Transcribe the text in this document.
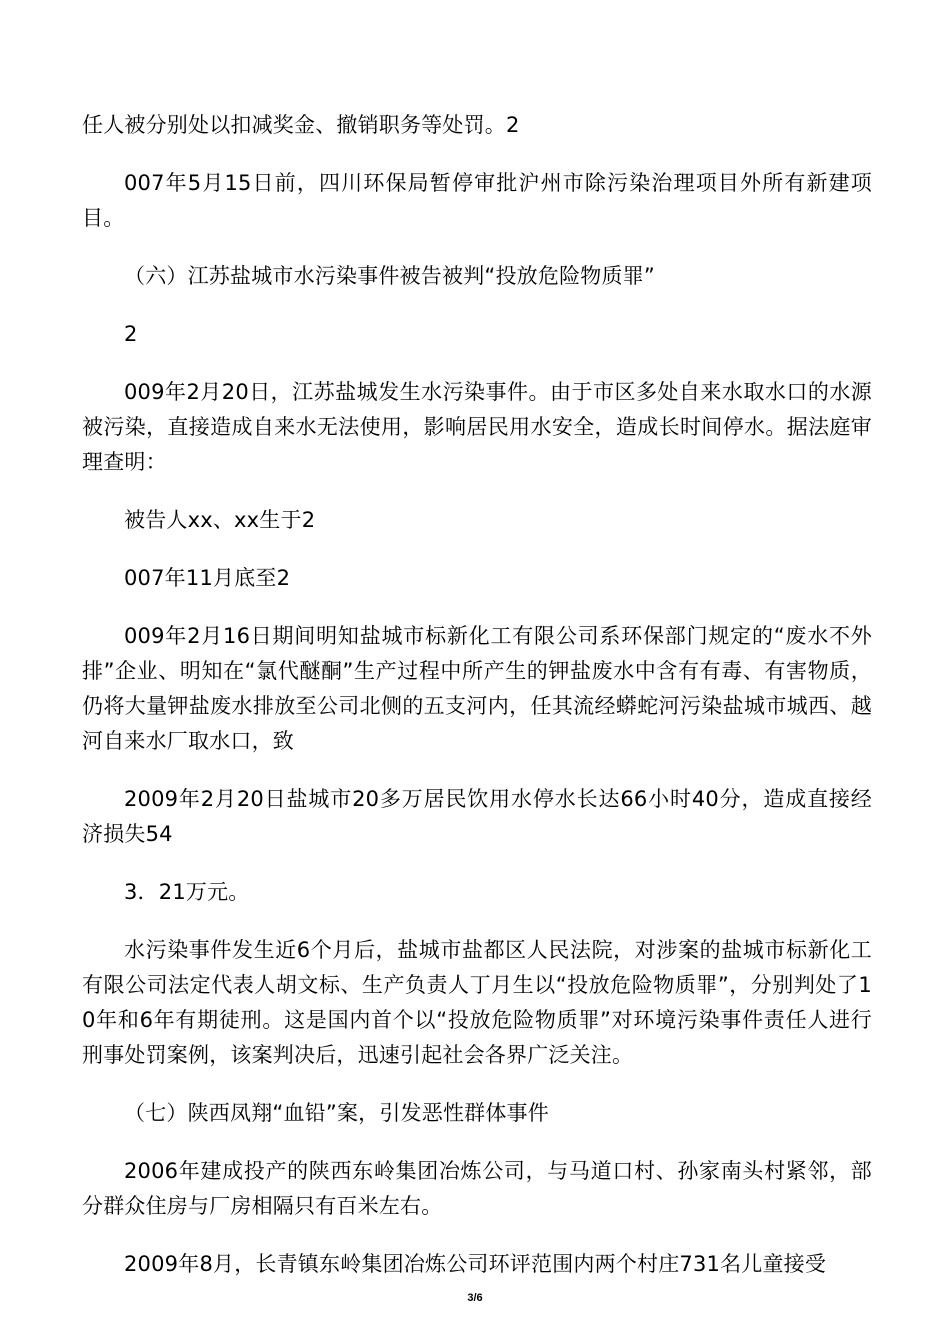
任人被分别处以扣减奖金、撤销职务等处罚。2

007年5月15日前，四川环保局暂停审批沪州市除污染治理项目外所有新建项目。

（六）江苏盐城市水污染事件被告被判“投放危险物质罪”

2

009年2月20日，江苏盐城发生水污染事件。由于市区多处自来水取水口的水源被污染，直接造成自来水无法使用，影响居民用水安全，造成长时间停水。据法庭审理查明：

被告人xx、xx生于2

007年11月底至2

009年2月16日期间明知盐城市标新化工有限公司系环保部门规定的“废水不外排”企业、明知在“氯代醚酮”生产过程中所产生的钾盐废水中含有有毒、有害物质，仍将大量钾盐废水排放至公司北侧的五支河内，任其流经蟒蛇河污染盐城市城西、越河自来水厂取水口，致

2009年2月20日盐城市20多万居民饮用水停水长达66小时40分，造成直接经济损失54

3．21万元。

水污染事件发生近6个月后，盐城市盐都区人民法院，对涉案的盐城市标新化工有限公司法定代表人胡文标、生产负责人丁月生以“投放危险物质罪”，分别判处了10年和6年有期徒刑。这是国内首个以“投放危险物质罪”对环境污染事件责任人进行刑事处罚案例，该案判决后，迅速引起社会各界广泛关注。

（七）陕西凤翔“血铅”案，引发恶性群体事件

2006年建成投产的陕西东岭集团冶炼公司，与马道口村、孙家南头村紧邻，部分群众住房与厂房相隔只有百米左右。

2009年8月，长青镇东岭集团冶炼公司环评范围内两个村庄731名儿童接受

3/6
